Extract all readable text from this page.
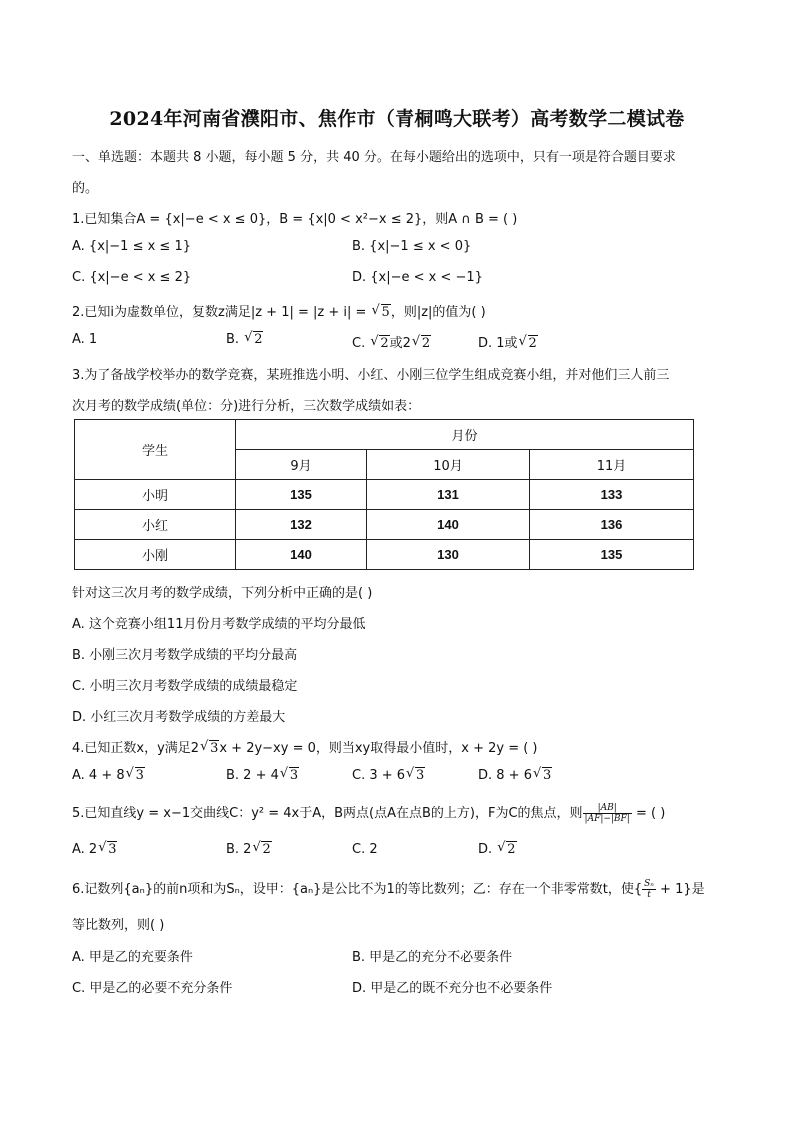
2024年河南省濮阳市、焦作市（青桐鸣大联考）高考数学二模试卷
一、单选题：本题共 8 小题，每小题 5 分，共 40 分。在每小题给出的选项中，只有一项是符合题目要求
的。
1.已知集合A = {x|−e < x ≤ 0}，B = {x|0 < x²−x ≤ 2}，则A ∩ B = ( )
A. {x|−1 ≤ x ≤ 1}	B. {x|−1 ≤ x < 0}
C. {x|−e < x ≤ 2}	D. {x|−e < x < −1}
2.已知i为虚数单位，复数z满足|z + 1| = |z + i| = √ 5，则|z|的值为( )
A. 1	B. √ 2	C. √ 2或2 √ 2	D. 1或 √ 2
3.为了备战学校举办的数学竞赛，某班推选小明、小红、小刚三位学生组成竞赛小组，并对他们三人前三
次月考的数学成绩(单位：分)进行分析，三次数学成绩如表：
学生	月份		
	9月	10月	11月
小明	135	131	133
小红	132	140	136
小刚	140	130	135
针对这三次月考的数学成绩，下列分析中正确的是( )
A. 这个竞赛小组11月份月考数学成绩的平均分最低
B. 小刚三次月考数学成绩的平均分最高
C. 小明三次月考数学成绩的成绩最稳定
D. 小红三次月考数学成绩的方差最大
4.已知正数x，y满足2 √ 3x + 2y−xy = 0，则当xy取得最小值时，x + 2y = ( )
A. 4 + 8 √ 3	B. 2 + 4 √ 3	C. 3 + 6 √ 3	D. 8 + 6 √ 3
5.已知直线y = x−1交曲线C：y² = 4x于A，B两点(点A在点B的上方)，F为C的焦点，则 $\frac{|AB|}{|AF|-|BF|}$ = ( )
A. 2 √ 3	B. 2 √ 2	C. 2	D. √ 2
6.记数列{aₙ}的前n项和为Sₙ，设甲：{aₙ}是公比不为1的等比数列；乙：存在一个非零常数t，使{ $\frac{\text{Sₙ}}{t} + 1$}是
等比数列，则( )
A. 甲是乙的充要条件	B. 甲是乙的充分不必要条件
C. 甲是乙的必要不充分条件	D. 甲是乙的既不充分也不必要条件
